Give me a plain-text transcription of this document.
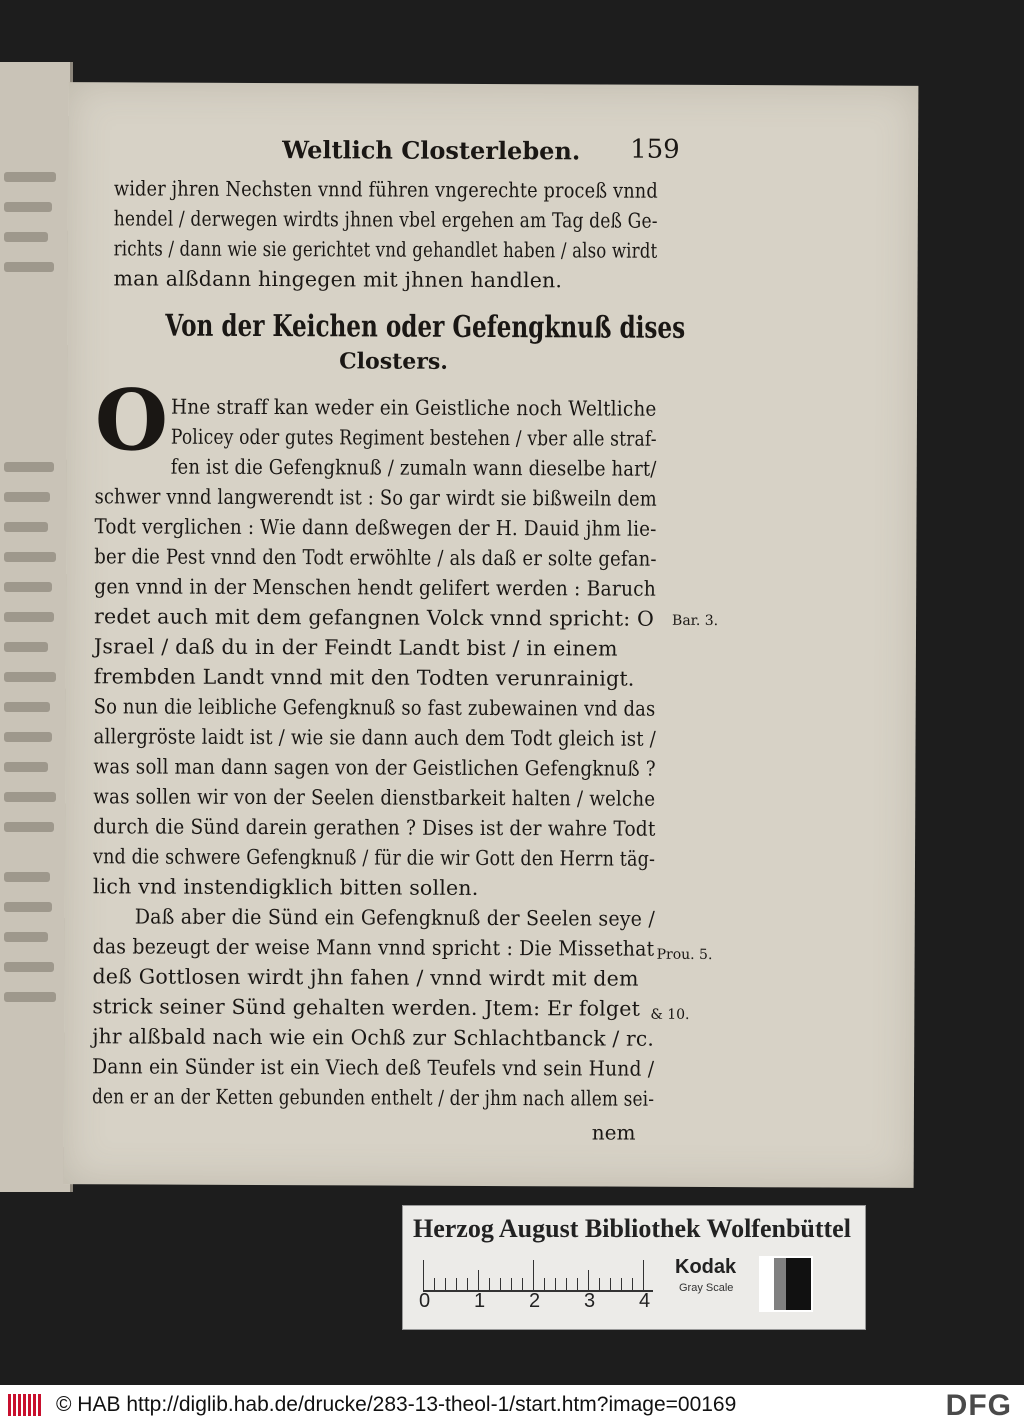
Weltlich Closterleben. 159
wider jhren Nechsten vnnd führen vngerechte proceß vnnd
hendel / derwegen wirdts jhnen vbel ergehen am Tag deß Ge-
richts / dann wie sie gerichtet vnd gehandlet haben / also wirdt
man alßdann hingegen mit jhnen handlen.
Von der Keichen oder Gefengknuß dises
Closters.
O Hne straff kan weder ein Geistliche noch Weltliche
Policey oder gutes Regiment bestehen / vber alle straf-
fen ist die Gefengknuß / zumaln wann dieselbe hart/
schwer vnnd langwerendt ist : So gar wirdt sie bißweiln dem
Todt verglichen : Wie dann deßwegen der H. Dauid jhm lie-
ber die Pest vnnd den Todt erwöhlte / als daß er solte gefan-
gen vnnd in der Menschen hendt gelifert werden : Baruch
redet auch mit dem gefangnen Volck vnnd spricht: O
Jsrael / daß du in der Feindt Landt bist / in einem
frembden Landt vnnd mit den Todten verunrainigt.
So nun die leibliche Gefengknuß so fast zubewainen vnd das
allergröste laidt ist / wie sie dann auch dem Todt gleich ist /
was soll man dann sagen von der Geistlichen Gefengknuß ?
was sollen wir von der Seelen dienstbarkeit halten / welche
durch die Sünd darein gerathen ? Dises ist der wahre Todt
vnd die schwere Gefengknuß / für die wir Gott den Herrn täg-
lich vnd instendigklich bitten sollen.
Daß aber die Sünd ein Gefengknuß der Seelen seye /
das bezeugt der weise Mann vnnd spricht : Die Missethat
deß Gottlosen wirdt jhn fahen / vnnd wirdt mit dem
strick seiner Sünd gehalten werden. Jtem: Er folget
jhr alßbald nach wie ein Ochß zur Schlachtbanck / rc.
Dann ein Sünder ist ein Viech deß Teufels vnd sein Hund /
den er an der Ketten gebunden enthelt / der jhm nach allem sei-
nem
Bar. 3.
Prou. 5.
& 10.
Herzog August Bibliothek Wolfenbüttel
0 1 2 3 4
Kodak
Gray Scale
© HAB http://diglib.hab.de/drucke/283-13-theol-1/start.htm?image=00169	DFG
